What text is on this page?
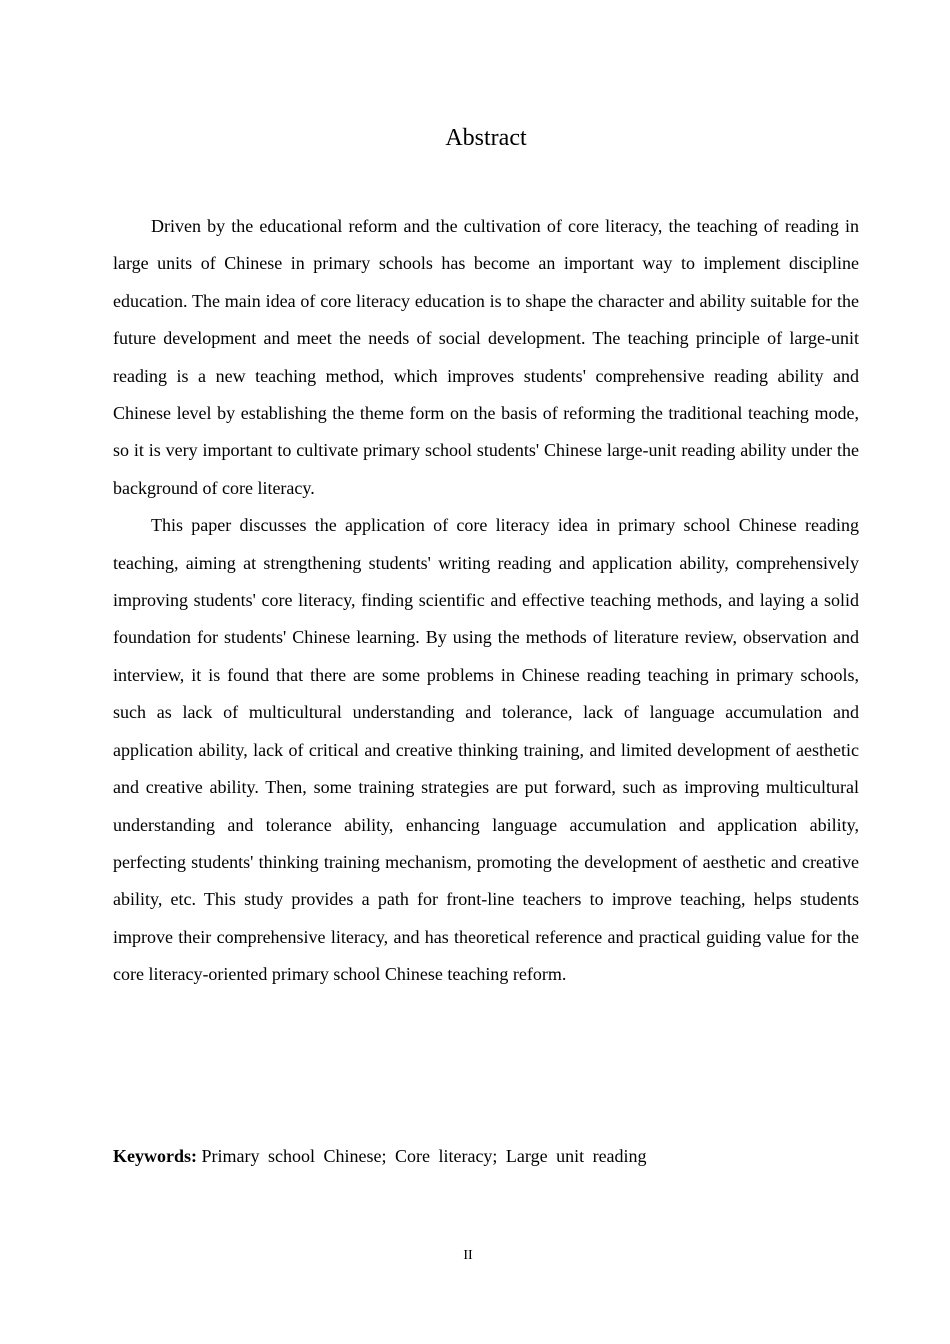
Abstract

Driven by the educational reform and the cultivation of core literacy, the teaching of reading in large units of Chinese in primary schools has become an important way to implement discipline education. The main idea of core literacy education is to shape the character and ability suitable for the future development and meet the needs of social development. The teaching principle of large-unit reading is a new teaching method, which improves students' comprehensive reading ability and Chinese level by establishing the theme form on the basis of reforming the traditional teaching mode, so it is very important to cultivate primary school students' Chinese large-unit reading ability under the background of core literacy.

This paper discusses the application of core literacy idea in primary school Chinese reading teaching, aiming at strengthening students' writing reading and application ability, comprehensively improving students' core literacy, finding scientific and effective teaching methods, and laying a solid foundation for students' Chinese learning. By using the methods of literature review, observation and interview, it is found that there are some problems in Chinese reading teaching in primary schools, such as lack of multicultural understanding and tolerance, lack of language accumulation and application ability, lack of critical and creative thinking training, and limited development of aesthetic and creative ability. Then, some training strategies are put forward, such as improving multicultural understanding and tolerance ability, enhancing language accumulation and application ability, perfecting students' thinking training mechanism, promoting the development of aesthetic and creative ability, etc. This study provides a path for front-line teachers to improve teaching, helps students improve their comprehensive literacy, and has theoretical reference and practical guiding value for the core literacy-oriented primary school Chinese teaching reform.

Keywords: Primary school Chinese; Core literacy; Large unit reading

II
